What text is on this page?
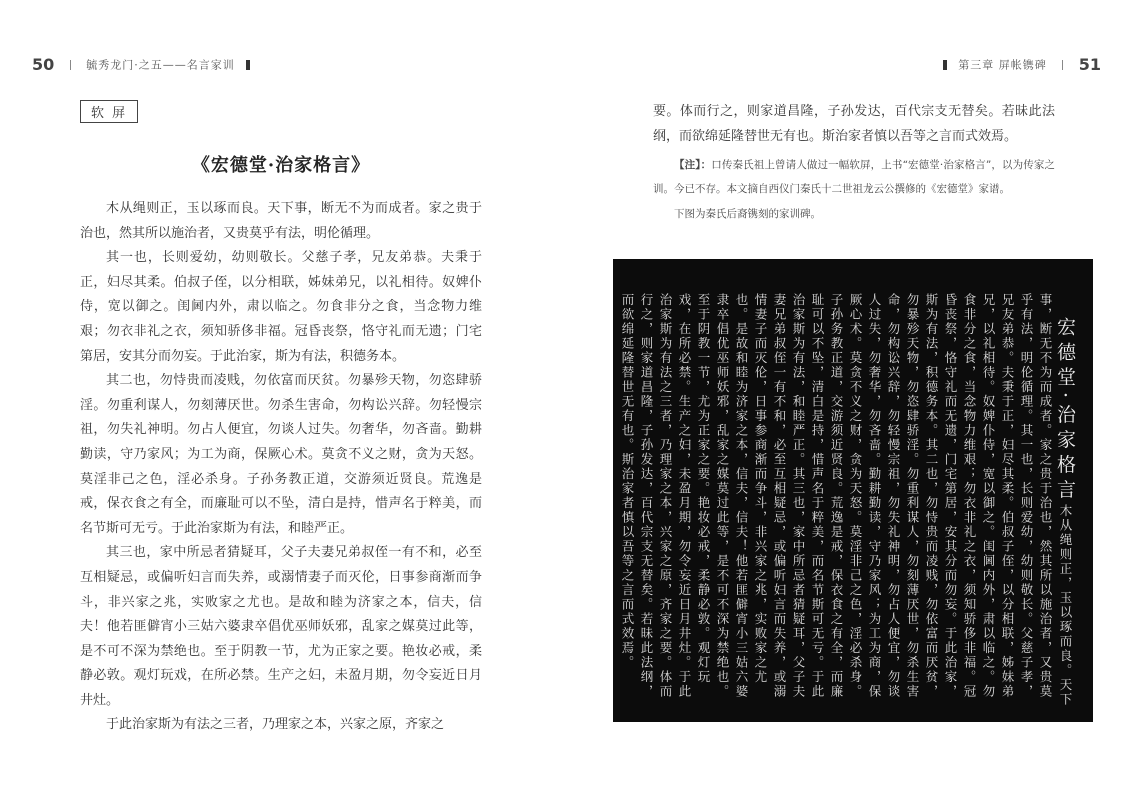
50	毓秀龙门·之五——名言家训	第三章 屏帐镌碑 51
软 屏
《宏德堂·治家格言》

木从绳则正，玉以琢而良。天下事，断无不为而成者。家之贵于治也，然其所以施治者，又贵莫乎有法，明伦循理。

其一也，长则爱幼，幼则敬长。父慈子孝，兄友弟恭。夫秉于正，妇尽其柔。伯叔子侄，以分相联，姊妹弟兄，以礼相待。奴婢仆侍，宽以御之。闺阃内外，肃以临之。勿食非分之食，当念物力维艰；勿衣非礼之衣，须知骄侈非福。冠昏丧祭，恪守礼而无遗；门宅第居，安其分而勿妄。于此治家，斯为有法，积德务本。

其二也，勿恃贵而凌贱，勿依富而厌贫。勿暴殄天物，勿恣肆骄淫。勿重利谋人，勿刻薄厌世。勿杀生害命，勿构讼兴辞。勿轻慢宗祖，勿失礼神明。勿占人便宜，勿谈人过失。勿奢华，勿吝啬。勤耕勤读，守乃家风；为工为商，保厥心术。莫贪不义之财，贪为天怒。莫淫非己之色，淫必杀身。子孙务教正道，交游须近贤良。荒逸是戒，保衣食之有全，而廉耻可以不坠，清白是持，惜声名于粹美，而名节斯可无亏。于此治家斯为有法，和睦严正。

其三也，家中所忌者猜疑耳，父子夫妻兄弟叔侄一有不和，必至互相疑忌，或偏听妇言而失养，或溺情妻子而灭伦，日事参商渐而争斗，非兴家之兆，实败家之尤也。是故和睦为济家之本，信夫，信夫！他若匪僻宵小三姑六婆隶卒倡优巫师妖邪，乱家之媒莫过此等，是不可不深为禁绝也。至于阴教一节，尤为正家之要。艳妆必戒，柔静必敦。观灯玩戏，在所必禁。生产之妇，未盈月期，勿令妄近日月井灶。

于此治家斯为有法之三者，乃理家之本，兴家之原，齐家之

要。体而行之，则家道昌隆，子孙发达，百代宗支无替矣。若昧此法纲，而欲绵延隆替世无有也。斯治家者慎以吾等之言而式效焉。

【注】：口传秦氏祖上曾请人做过一幅软屏，上书“宏德堂·治家格言”，以为传家之训。今已不存。本文摘自西仪门秦氏十二世祖龙云公撰修的《宏德堂》家谱。

下图为秦氏后裔镌刻的家训碑。

宏德堂·治家格言木从绳则正，玉以琢而良。天下事，断无不为而成者。家之贵于治也，然其所以施治者，又贵莫乎有法，明伦循理。其一也，长则爱幼，幼则敬长。父慈子孝，兄友弟恭。夫秉于正，妇尽其柔。伯叔子侄，以分相联，姊妹弟兄，以礼相待。奴婢仆侍，宽以御之。闺阃内外，肃以临之。勿食非分之食，当念物力维艰；勿衣非礼之衣，须知骄侈非福。冠昏丧祭，恪守礼而无遗，门宅第居，安其分而勿妄。于此治家，斯为有法，积德务本。其二也，勿恃贵而凌贱，勿依富而厌贫，勿暴殄天物，勿恣肆骄淫。勿重利谋人，勿刻薄厌世，勿杀生害命，勿构讼兴辞，勿轻慢宗祖，勿失礼神明，勿占人便宜，勿谈人过失，勿奢华，勿吝啬。勤耕勤读，守乃家风；为工为商，保厥心术。莫贪不义之财，贪为天怒。莫淫非己之色，淫必杀身。子孙务教正道，交游须近贤良。荒逸是戒，保衣食之有全，而廉耻可以不坠，清白是持，惜声名于粹美，而名节斯可无亏。于此治家斯为有法，和睦严正。其三也，家中所忌者猜疑耳，父子夫妻兄弟叔侄一有不和，必至互相疑忌，或偏听妇言而失养，或溺情妻子而灭伦，日事参商渐而争斗，非兴家之兆，实败家之尤也。是故和睦为济家之本，信夫，信夫！他若匪僻宵小三姑六婆隶卒倡优巫师妖邪，乱家之媒莫过此等，是不可不深为禁绝也。至于阴教一节，尤为正家之要。艳妆必戒，柔静必敦。观灯玩戏，在所必禁。生产之妇，未盈月期，勿令妄近日月井灶。于此治家斯为有法之三者，乃理家之本，兴家之原，齐家之要。体而行之，则家道昌隆，子孙发达，百代宗支无替矣。若昧此法纲，而欲绵延隆替世无有也。斯治家者慎以吾等之言而式效焉。
